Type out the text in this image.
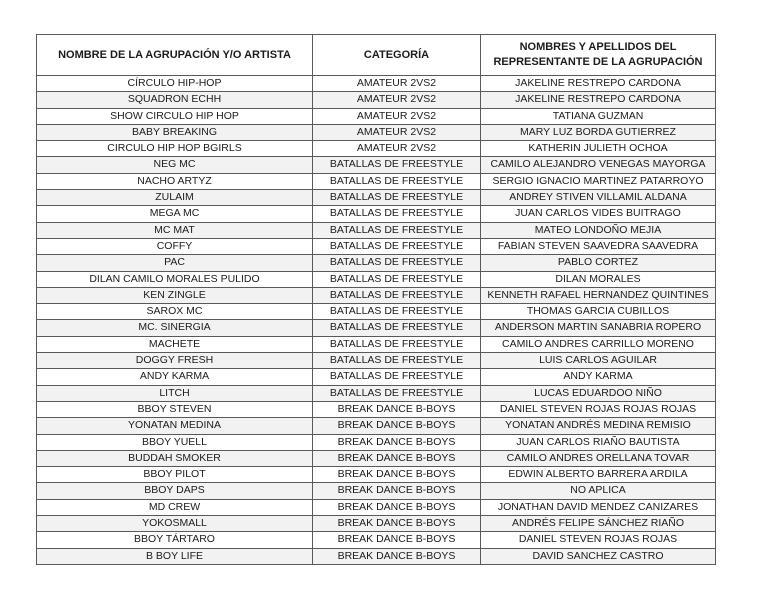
NOMBRE DE LA AGRUPACIÓN Y/O ARTISTA	CATEGORÍA	NOMBRES Y APELLIDOS DEL REPRESENTANTE DE LA AGRUPACIÓN
CÍRCULO HIP-HOP	AMATEUR 2VS2	JAKELINE RESTREPO CARDONA
SQUADRON ECHH	AMATEUR 2VS2	JAKELINE RESTREPO CARDONA
SHOW CIRCULO HIP HOP	AMATEUR 2VS2	TATIANA GUZMAN
BABY BREAKING	AMATEUR 2VS2	MARY LUZ BORDA GUTIERREZ
CIRCULO HIP HOP BGIRLS	AMATEUR 2VS2	KATHERIN JULIETH OCHOA
NEG MC	BATALLAS DE FREESTYLE	CAMILO ALEJANDRO VENEGAS MAYORGA
NACHO ARTYZ	BATALLAS DE FREESTYLE	SERGIO IGNACIO MARTINEZ PATARROYO
ZULAIM	BATALLAS DE FREESTYLE	ANDREY STIVEN VILLAMIL ALDANA
MEGA MC	BATALLAS DE FREESTYLE	JUAN CARLOS VIDES BUITRAGO
MC MAT	BATALLAS DE FREESTYLE	MATEO LONDOÑO MEJIA
COFFY	BATALLAS DE FREESTYLE	FABIAN STEVEN SAAVEDRA SAAVEDRA
PAC	BATALLAS DE FREESTYLE	PABLO CORTEZ
DILAN CAMILO MORALES PULIDO	BATALLAS DE FREESTYLE	DILAN MORALES
KEN ZINGLE	BATALLAS DE FREESTYLE	KENNETH RAFAEL HERNANDEZ QUINTINES
SAROX MC	BATALLAS DE FREESTYLE	THOMAS GARCIA CUBILLOS
MC. SINERGIA	BATALLAS DE FREESTYLE	ANDERSON MARTIN SANABRIA ROPERO
MACHETE	BATALLAS DE FREESTYLE	CAMILO ANDRES CARRILLO MORENO
DOGGY FRESH	BATALLAS DE FREESTYLE	LUIS CARLOS AGUILAR
ANDY KARMA	BATALLAS DE FREESTYLE	ANDY KARMA
LITCH	BATALLAS DE FREESTYLE	LUCAS EDUARDOO NIÑO
BBOY STEVEN	BREAK DANCE B-BOYS	DANIEL STEVEN ROJAS ROJAS ROJAS
YONATAN MEDINA	BREAK DANCE B-BOYS	YONATAN ANDRÉS MEDINA REMISIO
BBOY YUELL	BREAK DANCE B-BOYS	JUAN CARLOS RIAÑO BAUTISTA
BUDDAH SMOKER	BREAK DANCE B-BOYS	CAMILO ANDRES ORELLANA TOVAR
BBOY PILOT	BREAK DANCE B-BOYS	EDWIN ALBERTO BARRERA ARDILA
BBOY DAPS	BREAK DANCE B-BOYS	NO APLICA
MD CREW	BREAK DANCE B-BOYS	JONATHAN DAVID MENDEZ CANIZARES
YOKOSMALL	BREAK DANCE B-BOYS	ANDRÉS FELIPE SÁNCHEZ RIAÑO
BBOY TÁRTARO	BREAK DANCE B-BOYS	DANIEL STEVEN ROJAS ROJAS
B BOY LIFE	BREAK DANCE B-BOYS	DAVID SANCHEZ CASTRO
